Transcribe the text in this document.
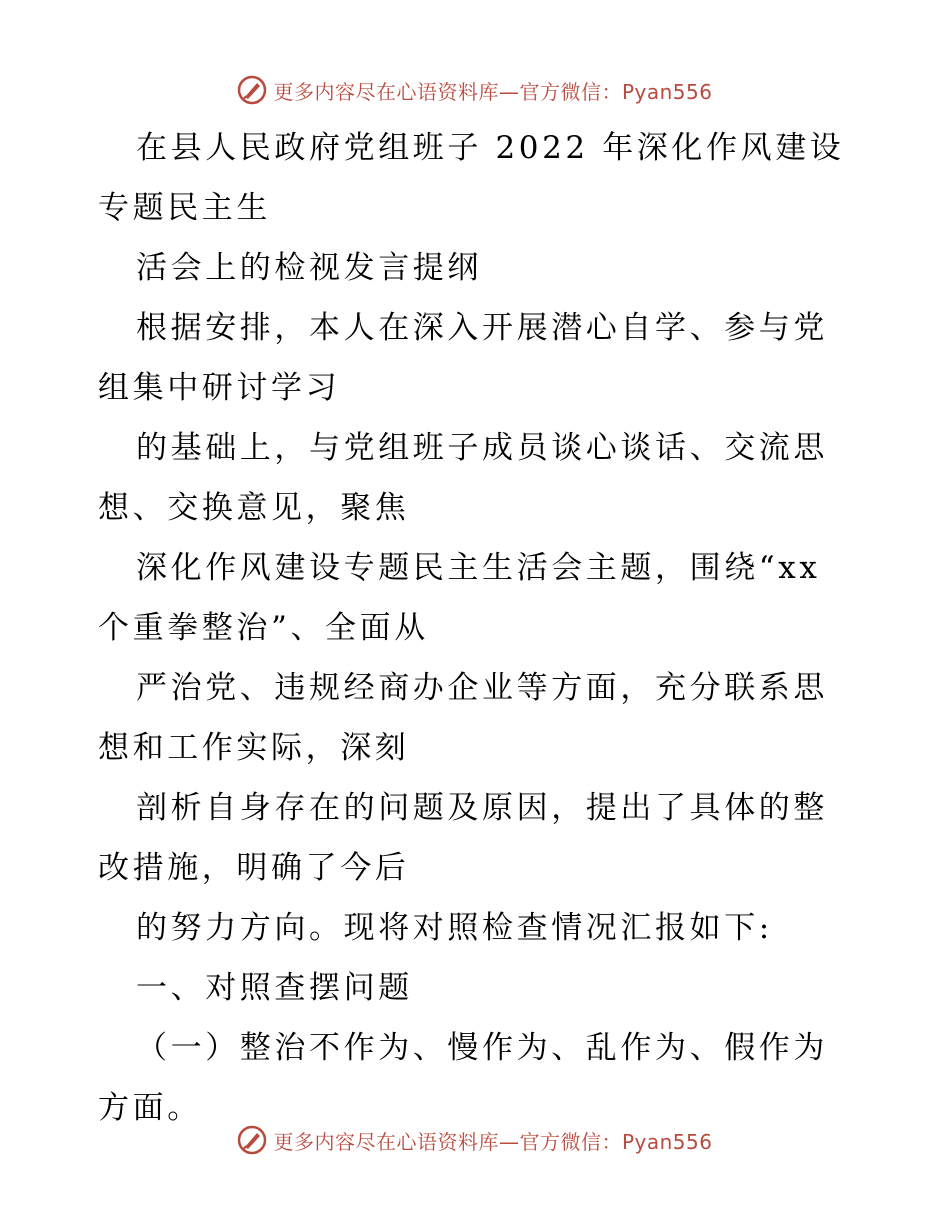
更多内容尽在心语资料库—官方微信：Pyan556

在县人民政府党组班子 2022 年深化作风建设专题民主生

活会上的检视发言提纲

根据安排，本人在深入开展潜心自学、参与党组集中研讨学习

的基础上，与党组班子成员谈心谈话、交流思想、交换意见，聚焦

深化作风建设专题民主生活会主题，围绕“xx 个重拳整治”、全面从

严治党、违规经商办企业等方面，充分联系思想和工作实际，深刻

剖析自身存在的问题及原因，提出了具体的整改措施，明确了今后

的努力方向。现将对照检查情况汇报如下:

一、对照查摆问题

（一）整治不作为、慢作为、乱作为、假作为方面。

更多内容尽在心语资料库—官方微信：Pyan556
